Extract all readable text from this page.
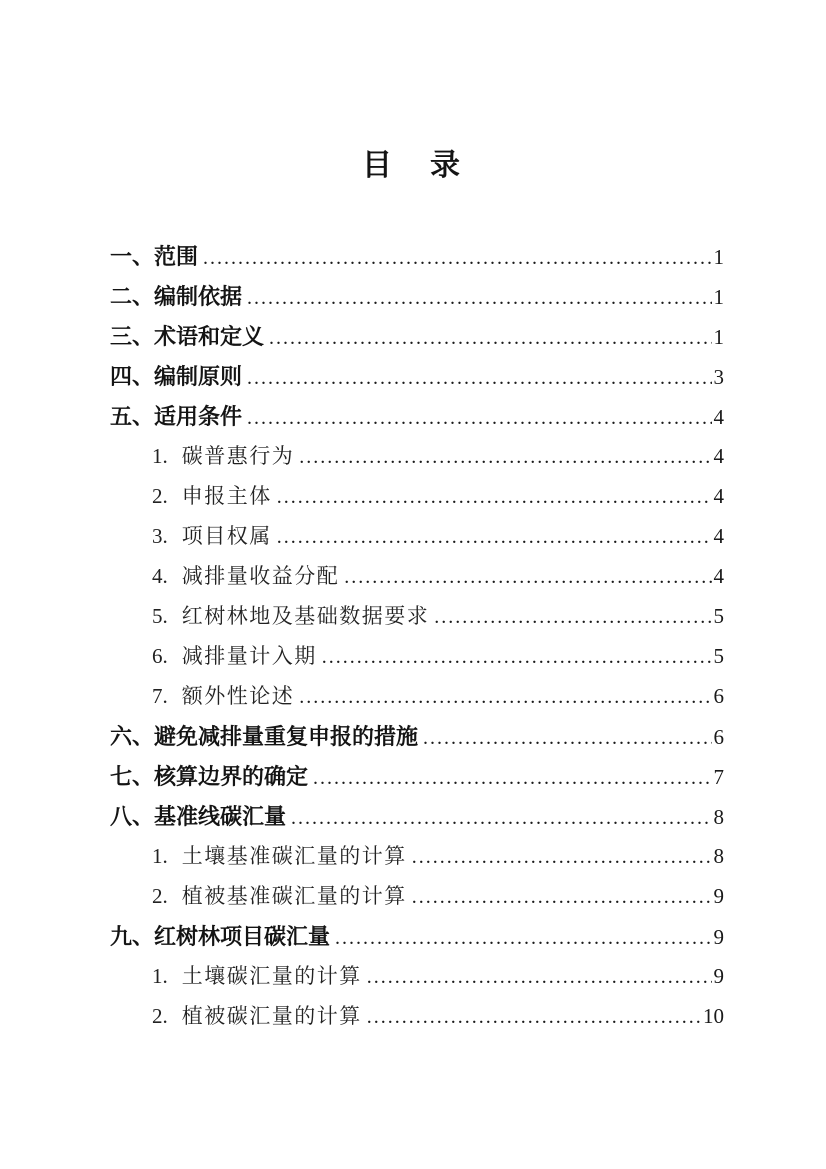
目　录
一、 范围 .....	1
二、 编制依据 .....	1
三、 术语和定义 .....	1
四、 编制原则 .....	3
五、 适用条件 .....	4
1. 碳普惠行为 .....	4
2. 申报主体 .....	4
3. 项目权属 .....	4
4. 减排量收益分配 .....	4
5. 红树林地及基础数据要求 .....	5
6. 减排量计入期 .....	5
7. 额外性论述 .....	6
六、 避免减排量重复申报的措施 .....	6
七、 核算边界的确定 .....	7
八、 基准线碳汇量 .....	8
1. 土壤基准碳汇量的计算 .....	8
2. 植被基准碳汇量的计算 .....	9
九、 红树林项目碳汇量 .....	9
1. 土壤碳汇量的计算 .....	9
2. 植被碳汇量的计算 .....	10
